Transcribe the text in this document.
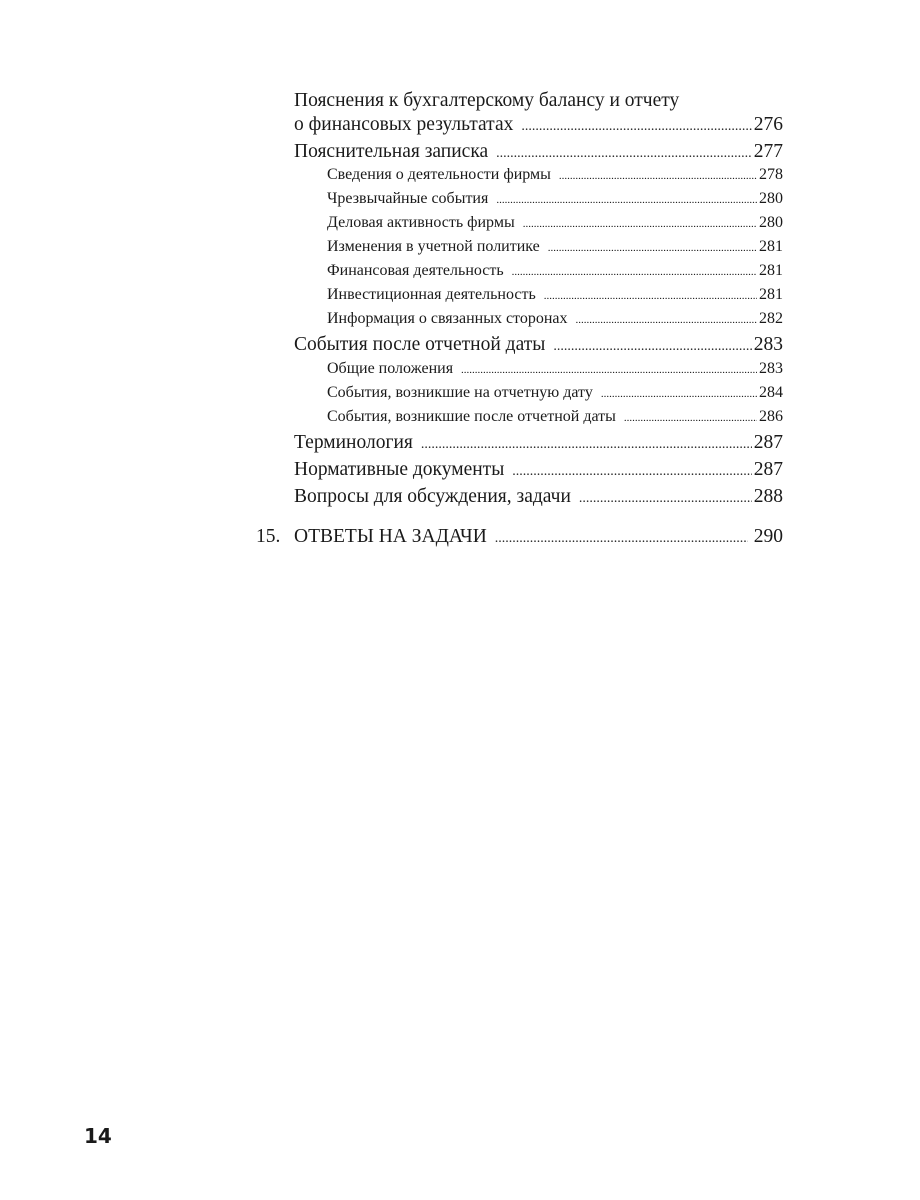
Пояснения к бухгалтерскому балансу и отчету
о финансовых результатах .....	276
Пояснительная записка .....	277
Сведения о деятельности фирмы .....	278
Чрезвычайные события .....	280
Деловая активность фирмы .....	280
Изменения в учетной политике .....	281
Финансовая деятельность .....	281
Инвестиционная деятельность .....	281
Информация о связанных сторонах .....	282
События после отчетной даты .....	283
Общие положения .....	283
События, возникшие на отчетную дату .....	284
События, возникшие после отчетной даты .....	286
Терминология .....	287
Нормативные документы .....	287
Вопросы для обсуждения, задачи .....	288
15. ОТВЕТЫ НА ЗАДАЧИ .....	290
14
